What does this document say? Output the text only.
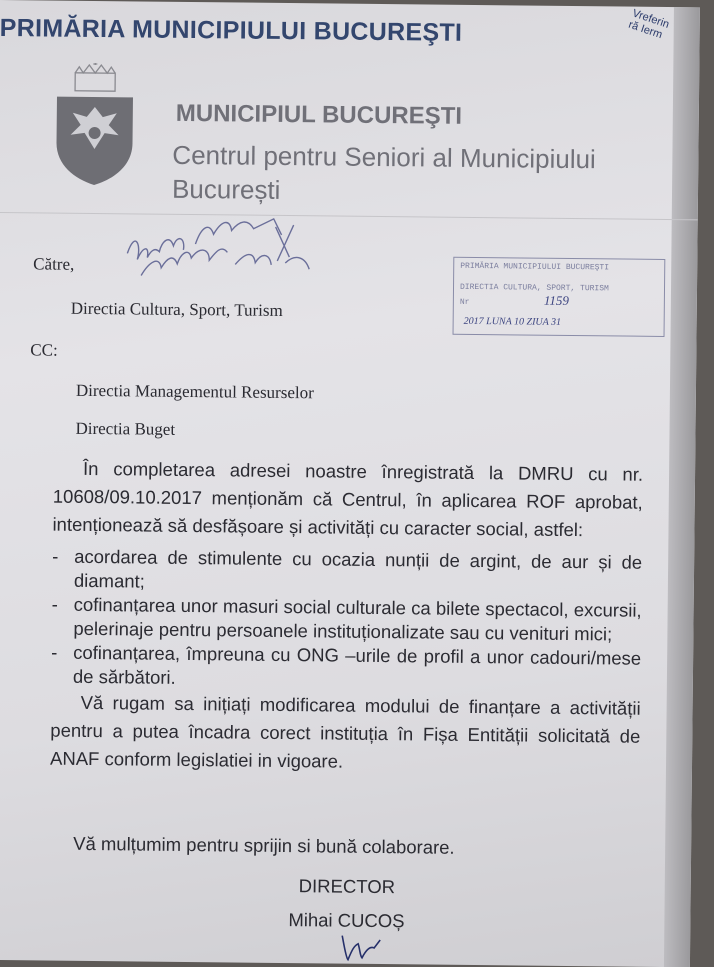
PRIMĂRIA MUNICIPIULUI BUCUREŞTI	Vreferin
ră Ierm
MUNICIPIUL BUCUREŞTI
Centrul pentru Seniori al Municipiului București
Către,
Directia Cultura, Sport, Turism
CC:
Directia Managementul Resurselor
Directia Buget
PRIMĂRIA MUNICIPIULUI BUCUREŞTI
DIRECTIA CULTURA, SPORT, TURISM
Nr	1159
2017 LUNA 10 ZIUA 31

În completarea adresei noastre înregistrată la DMRU cu nr. 10608/09.10.2017 menționăm că Centrul, în aplicarea ROF aprobat, intenționează să desfășoare și activități cu caracter social, astfel:

- acordarea de stimulente cu ocazia nunții de argint, de aur și de diamant;
- cofinanțarea unor masuri social culturale ca bilete spectacol, excursii, pelerinaje pentru persoanele instituționalizate sau cu venituri mici;
- cofinanțarea, împreuna cu ONG –urile de profil a unor cadouri/mese de sărbători.

Vă rugam sa inițiați modificarea modului de finanțare a activității pentru a putea încadra corect instituția în Fișa Entității solicitată de ANAF conform legislatiei in vigoare.

Vă mulțumim pentru sprijin si bună colaborare.
DIRECTOR
Mihai CUCOȘ
